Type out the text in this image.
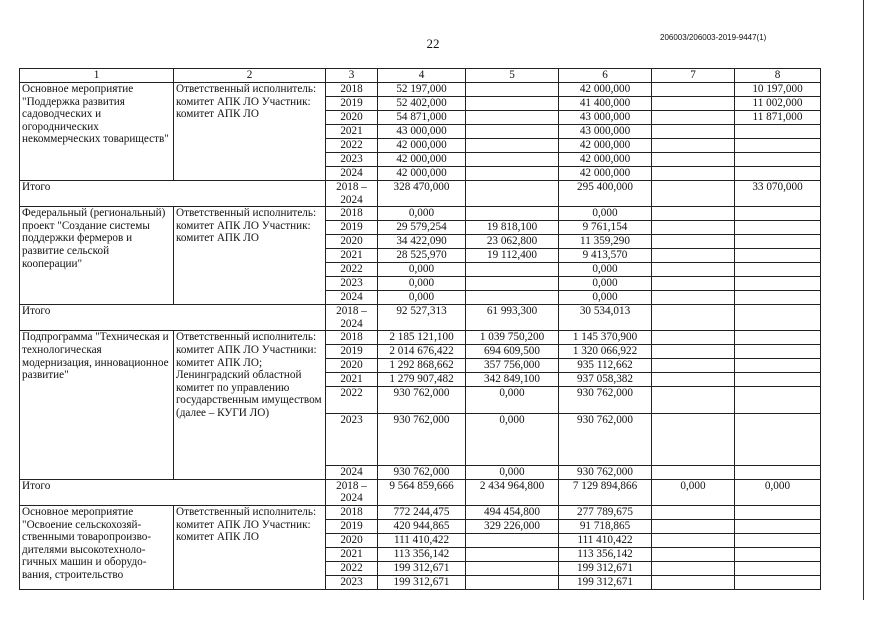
22	206003/206003-2019-9447(1)
1	2	3	4	5	6	7	8
Основное мероприятие "Поддержка развития садоводческих и огороднических некоммерческих товариществ"	Ответственный исполнитель: комитет АПК ЛО Участник: комитет АПК ЛО	2018	52 197,000		42 000,000		10 197,000
		2019	52 402,000		41 400,000		11 002,000
		2020	54 871,000		43 000,000		11 871,000
		2021	43 000,000		43 000,000		
		2022	42 000,000		42 000,000		
		2023	42 000,000		42 000,000		
		2024	42 000,000		42 000,000		
Итого		2018 – 2024	328 470,000		295 400,000		33 070,000
Федеральный (региональный) проект "Создание системы поддержки фермеров и развитие сельской кооперации"	Ответственный исполнитель: комитет АПК ЛО Участник: комитет АПК ЛО	2018	0,000		0,000		
		2019	29 579,254	19 818,100	9 761,154		
		2020	34 422,090	23 062,800	11 359,290		
		2021	28 525,970	19 112,400	9 413,570		
		2022	0,000		0,000		
		2023	0,000		0,000		
		2024	0,000		0,000		
Итого		2018 – 2024	92 527,313	61 993,300	30 534,013		
Подпрограмма "Техническая и технологическая модернизация, инновационное развитие"	Ответственный исполнитель: комитет АПК ЛО Участники: комитет АПК ЛО; Ленинградский областной комитет по управлению государственным имуществом (далее – КУГИ ЛО)	2018	2 185 121,100	1 039 750,200	1 145 370,900		
		2019	2 014 676,422	694 609,500	1 320 066,922		
		2020	1 292 868,662	357 756,000	935 112,662		
		2021	1 279 907,482	342 849,100	937 058,382		
		2022	930 762,000	0,000	930 762,000		
		2023	930 762,000	0,000	930 762,000		
		2024	930 762,000	0,000	930 762,000		
Итого		2018 – 2024	9 564 859,666	2 434 964,800	7 129 894,866	0,000	0,000
Основное мероприятие "Освоение сельскохозяй-ственными товаропроизво-дителями высокотехноло-гичных машин и оборудо-вания, строительство	Ответственный исполнитель: комитет АПК ЛО Участник: комитет АПК ЛО	2018	772 244,475	494 454,800	277 789,675		
		2019	420 944,865	329 226,000	91 718,865		
		2020	111 410,422		111 410,422		
		2021	113 356,142		113 356,142		
		2022	199 312,671		199 312,671		
		2023	199 312,671		199 312,671		
